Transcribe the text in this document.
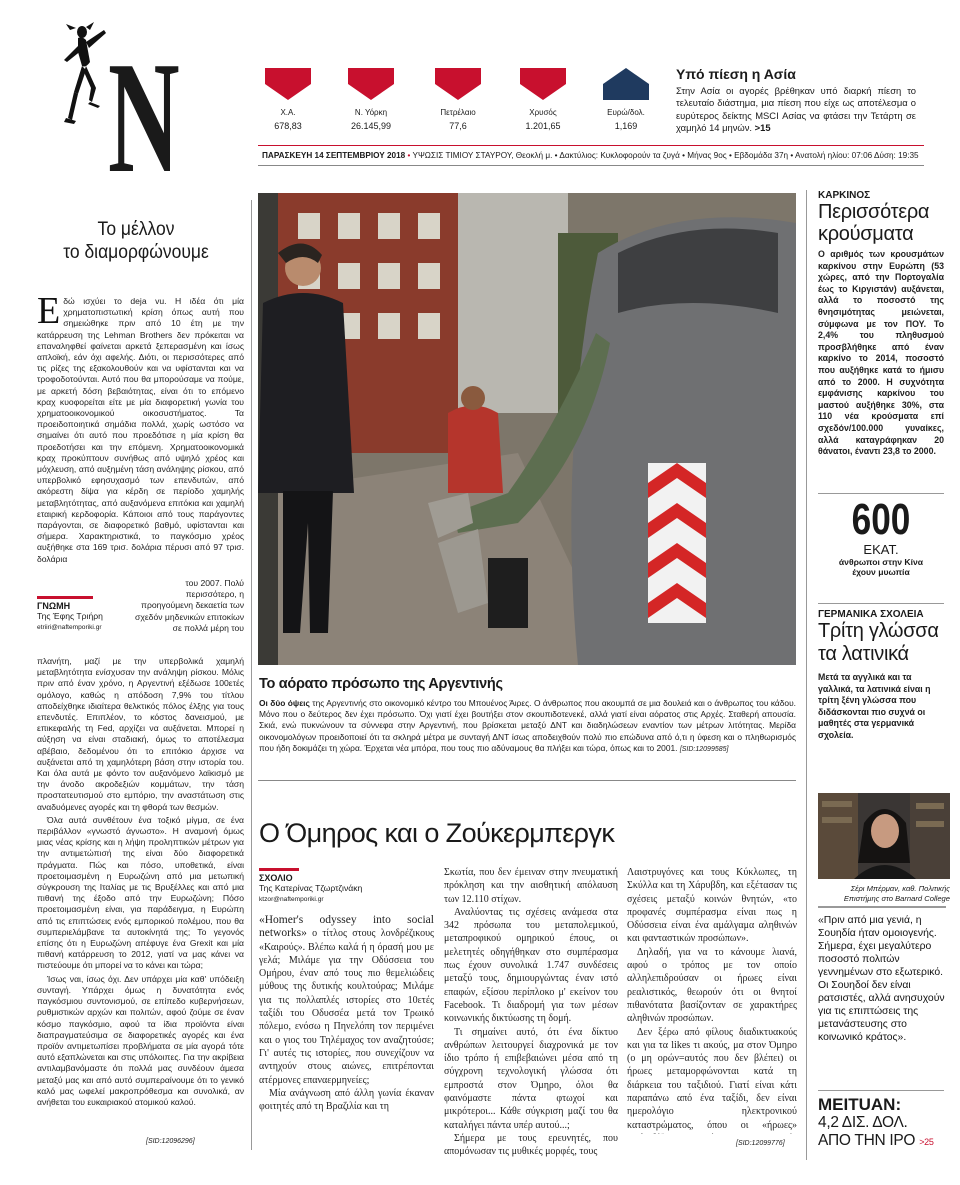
N	Χ.Α.
678,83
Ν. Υόρκη
26.145,99
Πετρέλαιο
77,6
Χρυσός
1.201,65
Ευρώ/δολ.
1,169
Υπό πίεση η Ασία
Στην Ασία οι αγορές βρέθηκαν υπό διαρκή πίεση το τελευταίο διάστημα, μια πίεση που είχε ως αποτέλεσμα ο ευρύτερος δείκτης MSCI Ασίας να φτάσει την Τετάρτη σε χαμηλό 14 μηνών. >15
ΠΑΡΑΣΚΕΥΗ 14 ΣΕΠΤΕΜΒΡΙΟΥ 2018 • ΥΨΩΣΙΣ ΤΙΜΙΟΥ ΣΤΑΥΡΟΥ, Θεοκλή μ. • Δακτύλιος: Κυκλοφορούν τα ζυγά • Μήνας 9ος • Εβδομάδα 37η • Ανατολή ηλίου: 07:06 Δύση: 19:35
Το μέλλον
το διαμορφώνουμε
Ε δώ ισχύει το deja vu. Η ιδέα ότι μία χρηματοπιστωτική κρίση όπως αυτή που σημειώθηκε πριν από 10 έτη με την κατάρρευση της Lehman Brothers δεν πρόκειται να επαναληφθεί φαίνεται αρκετά ξεπερασμένη και ίσως απλοϊκή, εάν όχι αφελής. Διότι, οι περισσότερες από τις ρίζες της εξακολουθούν και να υφίστανται και να τροφοδοτούνται. Αυτό που θα μπορούσαμε να πούμε, με αρκετή δόση βεβαιότητας, είναι ότι το επόμενο κραχ κυοφορείται είτε με μία διαφορετική γωνία του χρηματοοικονομικού οικοσυστήματος. Τα προειδοποιητικά σημάδια πολλά, χωρίς ωστόσο να σημαίνει ότι αυτό που προεδότισε η μία κρίση θα προεδοτήσει και την επόμενη. Χρηματοοικονομικά κραχ προκύπτουν συνήθως από υψηλό χρέος και μόχλευση, από αυξημένη τάση ανάληψης ρίσκου, από υπερβολικό εφησυχασμό των επενδυτών, από ακόρεστη δίψα για κέρδη σε περίοδο χαμηλής μεταβλητότητας, από αυξανόμενα επιτόκια και χαμηλή εταιρική κερδοφορία. Κάποιοι από τους παράγοντες παράγονται, σε διαφορετικό βαθμό, υφίστανται και σήμερα. Χαρακτηριστικά, το παγκόσμιο χρέος αυξήθηκε στα 169 τρισ. δολάρια πέρυσι από 97 τρισ. δολάρια

ΓΝΩΜΗ
Της Έφης Τριήρη
etriiri@naftemporiki.gr

του 2007. Πολύ περισσότερο, η προηγούμενη δεκαετία των σχεδόν μηδενικών επιτοκίων σε πολλά μέρη του

πλανήτη, μαζί με την υπερβολικά χαμηλή μεταβλητότητα ενίσχυσαν την ανάληψη ρίσκου. Μόλις πριν από έναν χρόνο, η Αργεντινή εξέδωσε 100ετές ομόλογο, καθώς η απόδοση 7,9% του τίτλου αποδείχθηκε ιδιαίτερα θελκτικός πόλος έλξης για τους επενδυτές. Επιπλέον, το κόστος δανεισμού, με επικεφαλής τη Fed, αρχίζει να αυξάνεται. Μπορεί η αύξηση να είναι σταδιακή, όμως το αποτέλεσμα αβέβαιο, δεδομένου ότι το επιτόκιο άρχισε να αυξάνεται από τη χαμηλότερη βάση στην ιστορία του. Και όλα αυτά με φόντο τον αυξανόμενο λαϊκισμό με την άνοδο ακροδεξιών κομμάτων, την τάση προστατευτισμού στο εμπόριο, την αναστάτωση στις αναδυόμενες αγορές και τη φθορά των θεσμών.

Όλα αυτά συνθέτουν ένα τοξικό μίγμα, σε ένα περιβάλλον «γνωστό άγνωστο». Η αναμονή όμως μιας νέας κρίσης και η λήψη προληπτικών μέτρων για την αντιμετώπισή της είναι δύο διαφορετικά πράγματα. Πώς και πόσο, υποθετικά, είναι προετοιμασμένη η Ευρωζώνη από μια μετωπική σύγκρουση της Ιταλίας με τις Βρυξέλλες και από μια πιθανή της έξοδο από την Ευρωζώνη; Πόσο προετοιμασμένη είναι, για παράδειγμα, η Ευρώπη από τις επιπτώσεις ενός εμπορικού πολέμου, που θα συμπεριελάμβανε τα αυτοκίνητά της; Το γεγονός επίσης ότι η Ευρωζώνη απέφυγε ένα Grexit και μία πιθανή κατάρρευση το 2012, γιατί να μας κάνει να πιστεύουμε ότι μπορεί να το κάνει και τώρα;

Ίσως ναι, ίσως όχι. Δεν υπάρχει μία καθ' υπόδειξη συνταγή. Υπάρχει όμως η δυνατότητα ενός παγκόσμιου συντονισμού, σε επίπεδο κυβερνήσεων, ρυθμιστικών αρχών και πολιτών, αφού ζούμε σε έναν κόσμο παγκόσμιο, αφού τα ίδια προϊόντα είναι διαπραγματεύσιμα σε διαφορετικές αγορές και ένα προϊόν αντιμετωπίσει προβλήματα σε μία αγορά τότε αυτό εξαπλώνεται και στις υπόλοιπες. Για την ακρίβεια αντιλαμβανόμαστε ότι πολλά μας συνδέουν άμεσα μεταξύ μας και από αυτό συμπεραίνουμε ότι το γενικό καλό μας ωφελεί μακροπρόθεσμα και συνολικά, αν ανήθεται του ευκαιριακού ατομικού καλού.

[SID:12096296]
Το αόρατο πρόσωπο της Αργεντινής
Οι δύο όψεις της Αργεντινής στο οικονομικό κέντρο του Μπουένος Άιρες. Ο άνθρωπος που ακουμπά σε μια δουλειά και ο άνθρωπος του κάδου. Μόνο που ο δεύτερος δεν έχει πρόσωπο. Όχι γιατί έχει βουτήξει στον σκουπιδοτενεκέ, αλλά γιατί είναι αόρατος στις Αρχές. Σταθερή απουσία. Σκιά, ενώ πυκνώνουν τα σύννεφα στην Αργεντινή, που βρίσκεται μεταξύ ΔΝΤ και διαδηλώσεων εναντίον των μέτρων λιτότητας. Μερίδα οικονομολόγων προειδοποιεί ότι τα σκληρά μέτρα με συνταγή ΔΝΤ ίσως αποδειχθούν πολύ πιο επώδυνα από ό,τι η ύφεση και ο πληθωρισμός που ήδη δοκιμάζει τη χώρα. Έρχεται νέα μπόρα, που τους πιο αδύναμους θα πλήξει και τώρα, όπως και το 2001. [SID:12099585]
Ο Όμηρος και ο Ζούκερμπεργκ
ΣΧΟΛΙΟ
Της Κατερίνας Τζωρτζινάκη
ktzor@naftemporiki.gr

«Homer's odyssey into social networks» ο τίτλος στους λονδρέζικους «Καιρούς». Βλέπω καλά ή η όρασή μου με γελά; Μιλάμε για την Οδύσσεια του Ομήρου, έναν από τους πιο θεμελιώδεις μύθους της δυτικής κουλτούρας; Μιλάμε για τις πολλαπλές ιστορίες στο 10ετές ταξίδι του Οδυσσέα μετά τον Τρωικό πόλεμο, ενόσω η Πηνελόπη τον περιμένει και ο γιος του Τηλέμαχος τον αναζητούσε; Γι' αυτές τις ιστορίες, που συνεχίζουν να αντηχούν στους αιώνες, επιτρέπονται ατέρμονες επαναερμηνείες;

Μία ανάγνωση από άλλη γωνία έκαναν φοιτητές από τη Βραζιλία και τη

Σκωτία, που δεν έμειναν στην πνευματική πρόκληση και την αισθητική απόλαυση των 12.110 στίχων.

Αναλύοντας τις σχέσεις ανάμεσα στα 342 πρόσωπα του μεταπολεμικού, μεταπροφικού ομηρικού έπους, οι μελετητές οδηγήθηκαν στο συμπέρασμα πως έχουν συνολικά 1.747 συνδέσεις μεταξύ τους, δημιουργώντας έναν ιστό επαφών, εξίσου περίπλοκο μ' εκείνον του Facebook. Τι διαδρομή για των μέσων κοινωνικής δικτύωσης τη δομή.

Τι σημαίνει αυτό, ότι ένα δίκτυο ανθρώπων λειτουργεί διαχρονικά με τον ίδιο τρόπο ή επιβεβαιώνει μέσα από τη σύγχρονη τεχνολογική γλώσσα ότι εμπροστά στον Όμηρο, όλοι θα φαινόμαστε πάντα φτωχοί και μικρότεροι... Κάθε σύγκριση μαζί του θα καταλήγει πάντα υπέρ αυτού...;

Σήμερα με τους ερευνητές, που απομόνωσαν τις μυθικές μορφές, τους

Λαιστρυγόνες και τους Κύκλωπες, τη Σκύλλα και τη Χάρυβδη, και εξέτασαν τις σχέσεις μεταξύ κοινών θνητών, «το προφανές συμπέρασμα είναι πως η Οδύσσεια είναι ένα αμάλγαμα αληθινών και φανταστικών προσώπων».

Δηλαδή, για να το κάνουμε λιανά, αφού ο τρόπος με τον οποίο αλληλεπιδρούσαν οι ήρωες είναι ρεαλιστικός, θεωρούν ότι οι θνητοί πιθανότατα βασίζονταν σε χαρακτήρες αληθινών προσώπων.

Δεν ξέρω από φίλους διαδικτυακούς και για τα likes τι ακούς, μα στον Όμηρο (ο μη ορών=αυτός που δεν βλέπει) οι ήρωες μεταμορφώνονται κατά τη διάρκεια του ταξιδιού. Γιατί είναι κάτι παραπάνω από ένα ταξίδι, δεν είναι ημερολόγιο ηλεκτρονικού καταστρώματος, όπου οι «ήρωες»

[SID:12099776]
ΚΑΡΚΙΝΟΣ
Περισσότερα
κρούσματα

Ο αριθμός των κρουσμάτων καρκίνου στην Ευρώπη (53 χώρες, από την Πορτογαλία έως το Κιργιστάν) αυξάνεται, αλλά το ποσοστό της θνησιμότητας μειώνεται, σύμφωνα με τον ΠΟΥ. Το 2,4% του πληθυσμού προσβλήθηκε από έναν καρκίνο το 2014, ποσοστό που αυξήθηκε κατά το ήμισυ από το 2000. Η συχνότητα εμφάνισης καρκίνου του μαστού αυξήθηκε 30%, στα 110 νέα κρούσματα επί σχεδόν/100.000 γυναίκες, αλλά καταγράφηκαν 20 θάνατοι, έναντι 23,8 το 2000.

600
ΕΚΑΤ.
άνθρωποι στην Κίνα
έχουν μυωπία
ΓΕΡΜΑΝΙΚΑ ΣΧΟΛΕΙΑ
Τρίτη γλώσσα
τα λατινικά

Μετά τα αγγλικά και τα γαλλικά, τα λατινικά είναι η τρίτη ξένη γλώσσα που διδάσκονται πιο συχνά οι μαθητές στα γερμανικά σχολεία.

Σέρι Μπέρμαν, καθ. Πολιτικής Επιστήμης στο Barnard College

«Πριν από μια γενιά, η Σουηδία ήταν ομοιογενής. Σήμερα, έχει μεγαλύτερο ποσοστό πολιτών γεννημένων στο εξωτερικό. Οι Σουηδοί δεν είναι ρατσιστές, αλλά ανησυχούν για τις επιπτώσεις της μετανάστευσης στο κοινωνικό κράτος».

ΜΕΙΤUAN:
4,2 ΔΙΣ. ΔΟΛ.
ΑΠΟ ΤΗΝ ΙΡΟ >25
